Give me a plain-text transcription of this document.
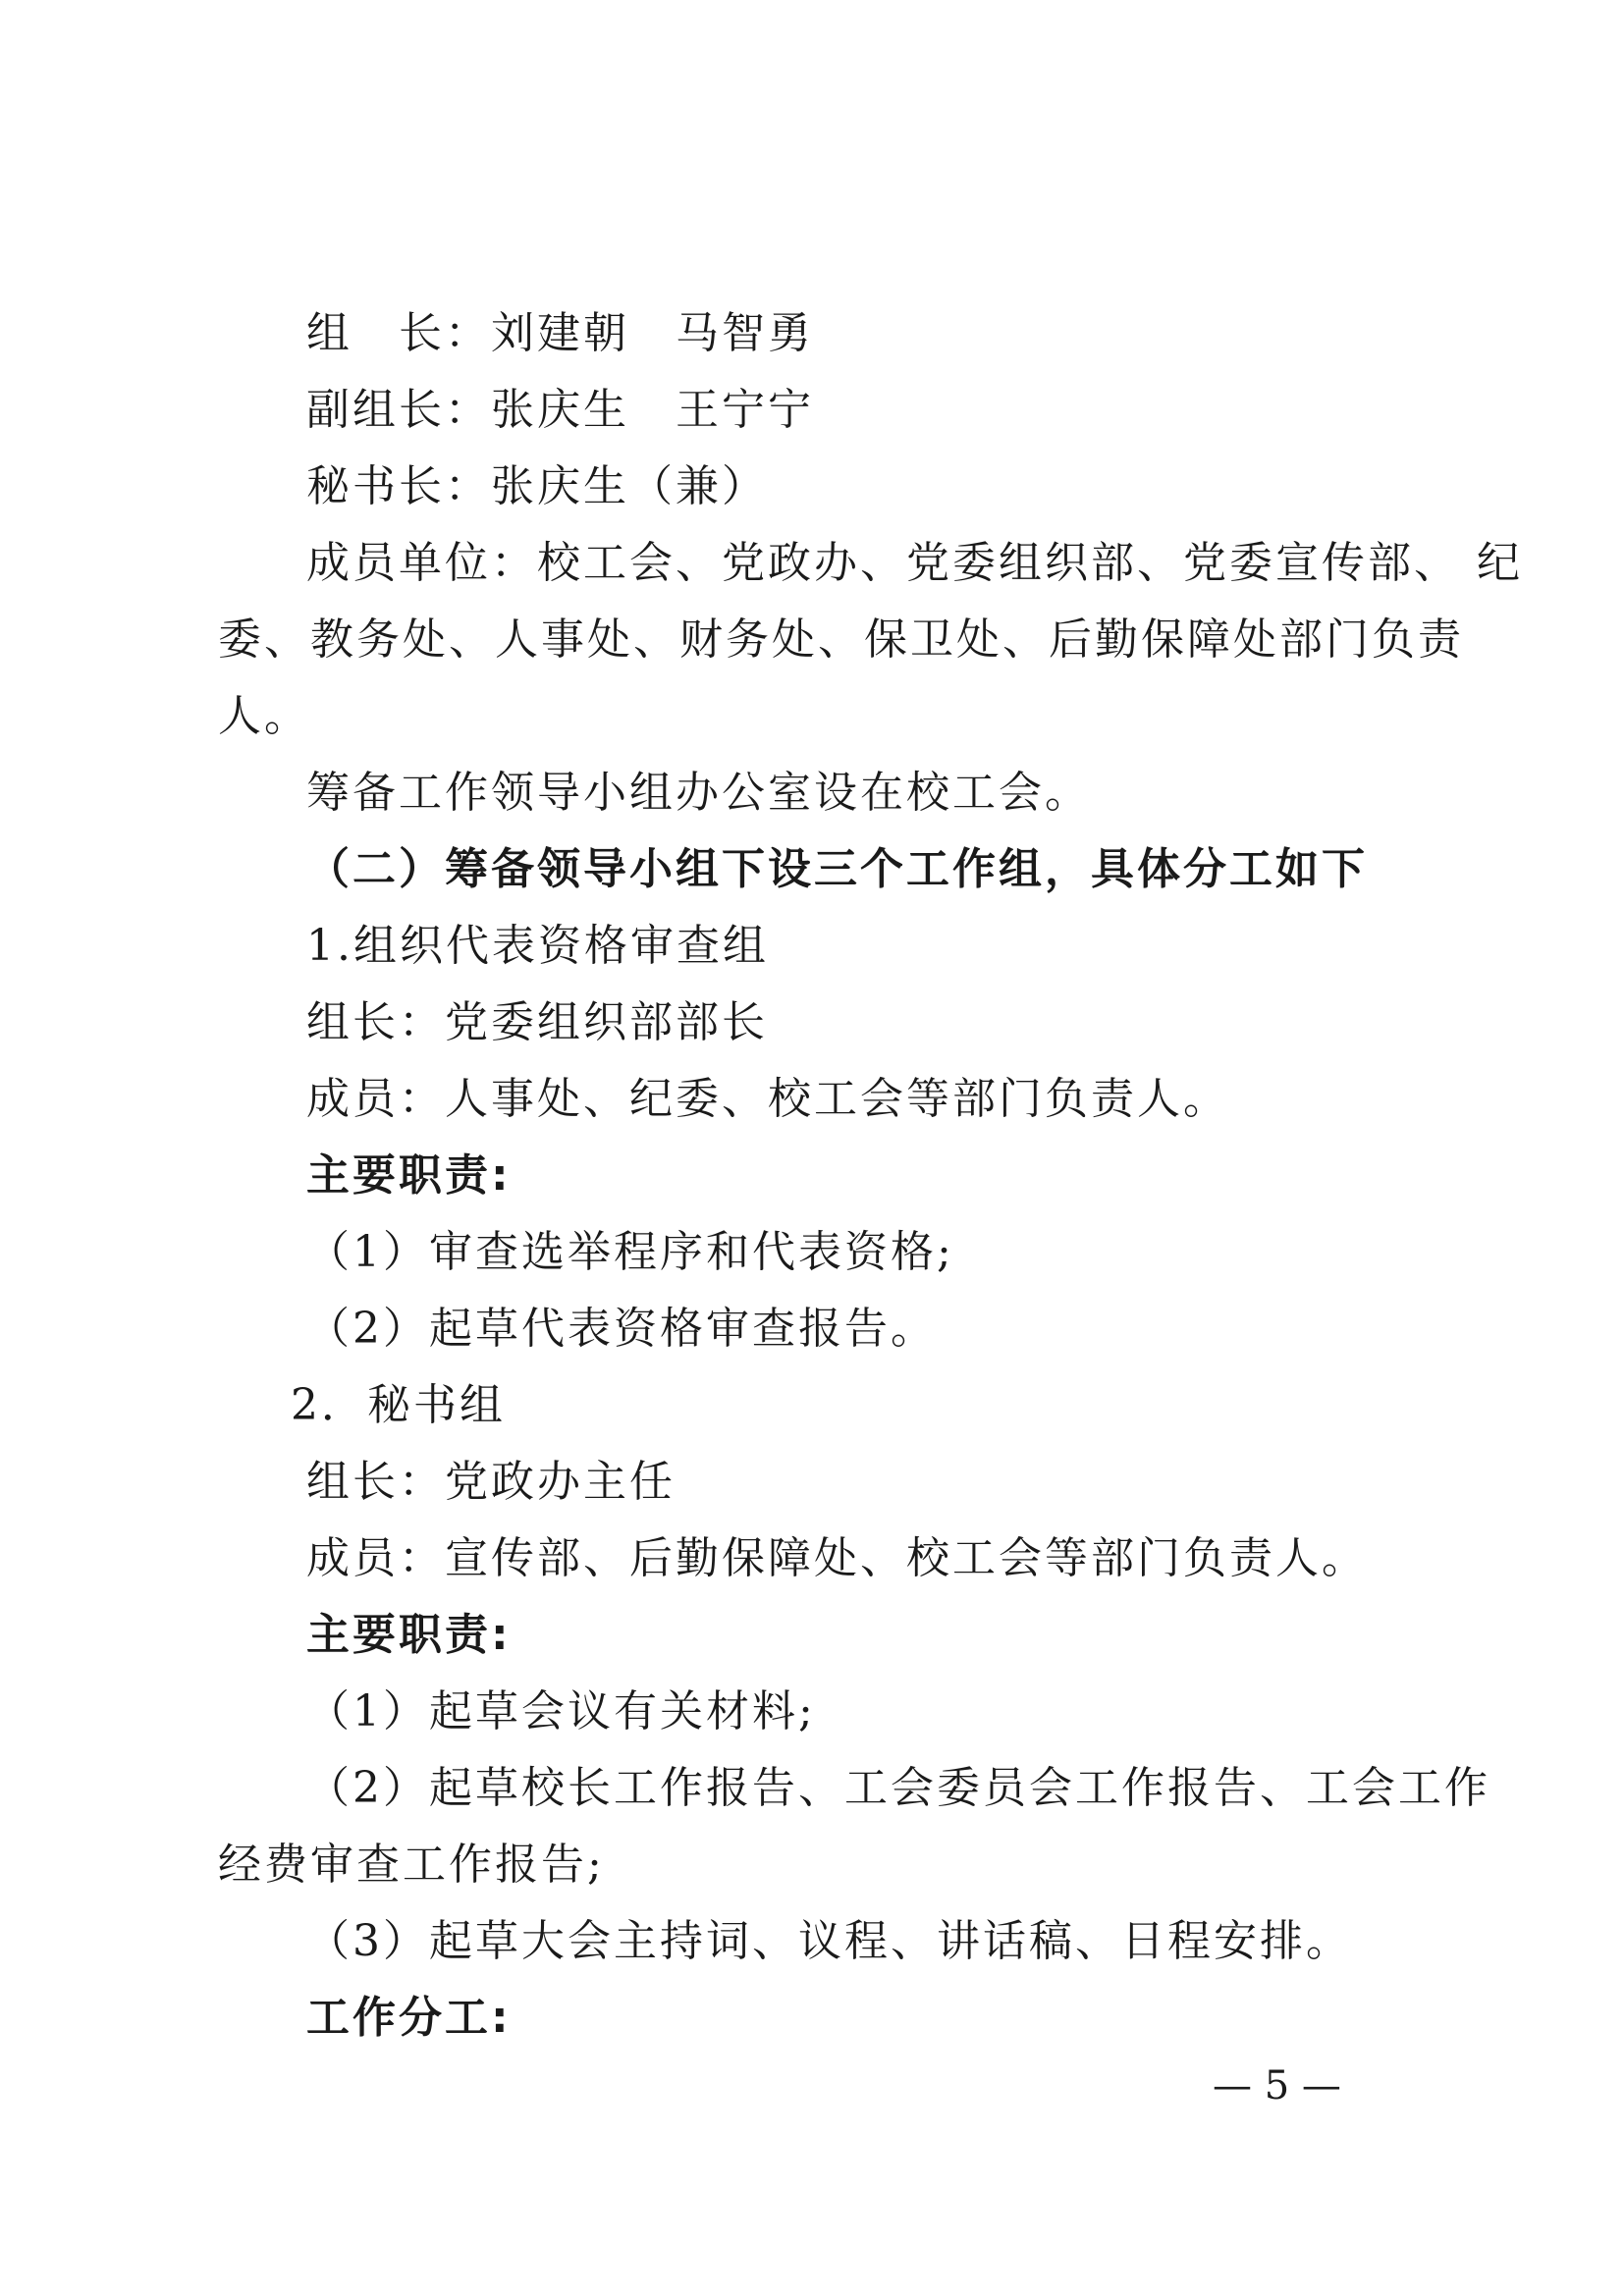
组　长：刘建朝　马智勇
副组长：张庆生　王宁宁
秘书长：张庆生（兼）
成员单位：校工会、党政办、党委组织部、党委宣传部、 纪
委、教务处、人事处、财务处、保卫处、后勤保障处部门负责
人。
筹备工作领导小组办公室设在校工会。
（二）筹备领导小组下设三个工作组，具体分工如下
1.组织代表资格审查组
组长：党委组织部部长
成员：人事处、纪委、校工会等部门负责人。
主要职责:
（1）审查选举程序和代表资格;
（2）起草代表资格审查报告。
2．秘书组
组长：党政办主任
成员：宣传部、后勤保障处、校工会等部门负责人。
主要职责:
（1）起草会议有关材料;
（2）起草校长工作报告、工会委员会工作报告、工会工作
经费审查工作报告;
（3）起草大会主持词、议程、讲话稿、日程安排。
工作分工:
— 5 —
